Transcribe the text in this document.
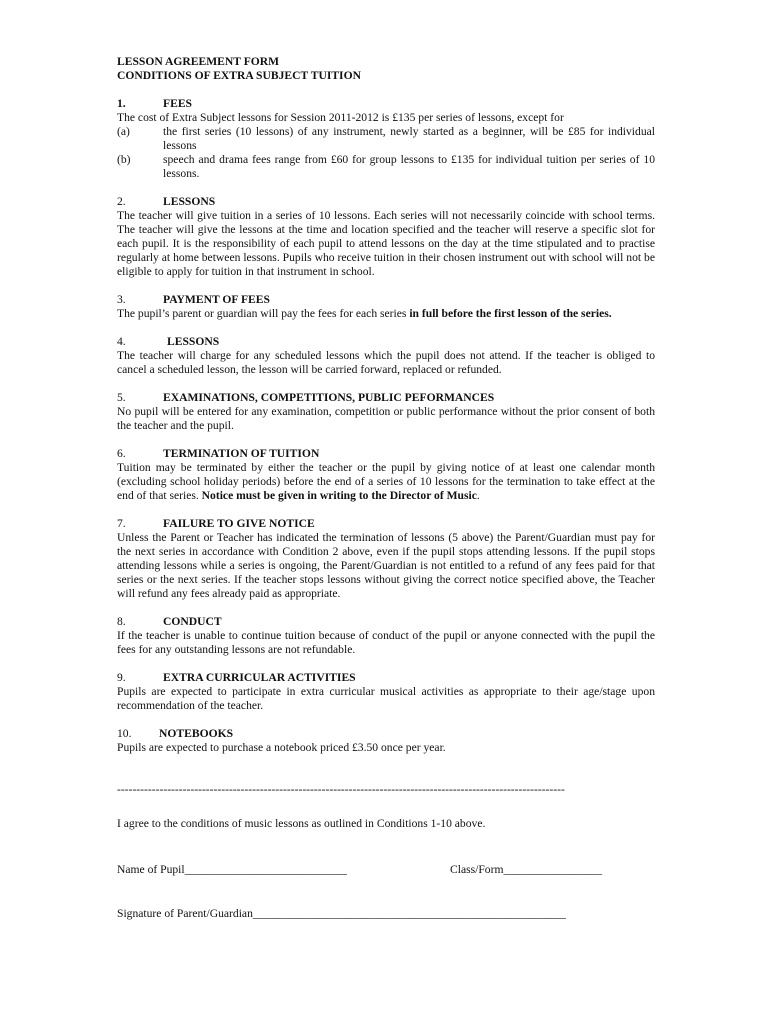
LESSON AGREEMENT FORM
CONDITIONS OF EXTRA SUBJECT TUITION
1.	FEES

The cost of Extra Subject lessons for Session 2011-2012 is £135 per series of lessons, except for

(a)	the first series (10 lessons) of any instrument, newly started as a beginner, will be £85 for individual lessons
(b)	speech and drama fees range from £60 for group lessons to £135 for individual tuition per series of 10 lessons.
2.	LESSONS

The teacher will give tuition in a series of 10 lessons. Each series will not necessarily coincide with school terms. The teacher will give the lessons at the time and location specified and the teacher will reserve a specific slot for each pupil. It is the responsibility of each pupil to attend lessons on the day at the time stipulated and to practise regularly at home between lessons. Pupils who receive tuition in their chosen instrument out with school will not be eligible to apply for tuition in that instrument in school.

3.	PAYMENT OF FEES

The pupil’s parent or guardian will pay the fees for each series in full before the first lesson of the series.

4.	LESSONS

The teacher will charge for any scheduled lessons which the pupil does not attend. If the teacher is obliged to cancel a scheduled lesson, the lesson will be carried forward, replaced or refunded.

5.	EXAMINATIONS, COMPETITIONS, PUBLIC PEFORMANCES

No pupil will be entered for any examination, competition or public performance without the prior consent of both the teacher and the pupil.

6.	TERMINATION OF TUITION

Tuition may be terminated by either the teacher or the pupil by giving notice of at least one calendar month (excluding school holiday periods) before the end of a series of 10 lessons for the termination to take effect at the end of that series. Notice must be given in writing to the Director of Music.

7.	FAILURE TO GIVE NOTICE

Unless the Parent or Teacher has indicated the termination of lessons (5 above) the Parent/Guardian must pay for the next series in accordance with Condition 2 above, even if the pupil stops attending lessons. If the pupil stops attending lessons while a series is ongoing, the Parent/Guardian is not entitled to a refund of any fees paid for that series or the next series. If the teacher stops lessons without giving the correct notice specified above, the Teacher will refund any fees already paid as appropriate.

8.	CONDUCT

If the teacher is unable to continue tuition because of conduct of the pupil or anyone connected with the pupil the fees for any outstanding lessons are not refundable.

9.	EXTRA CURRICULAR ACTIVITIES

Pupils are expected to participate in extra curricular musical activities as appropriate to their age/stage upon recommendation of the teacher.

10. NOTEBOOKS

Pupils are expected to purchase a notebook priced £3.50 once per year.

--------------------------------------------------------------------------------------------------------------------
I agree to the conditions of music lessons as outlined in Conditions 1-10 above.
Name of Pupil____________________________	Class/Form_________________
Signature of Parent/Guardian______________________________________________________
